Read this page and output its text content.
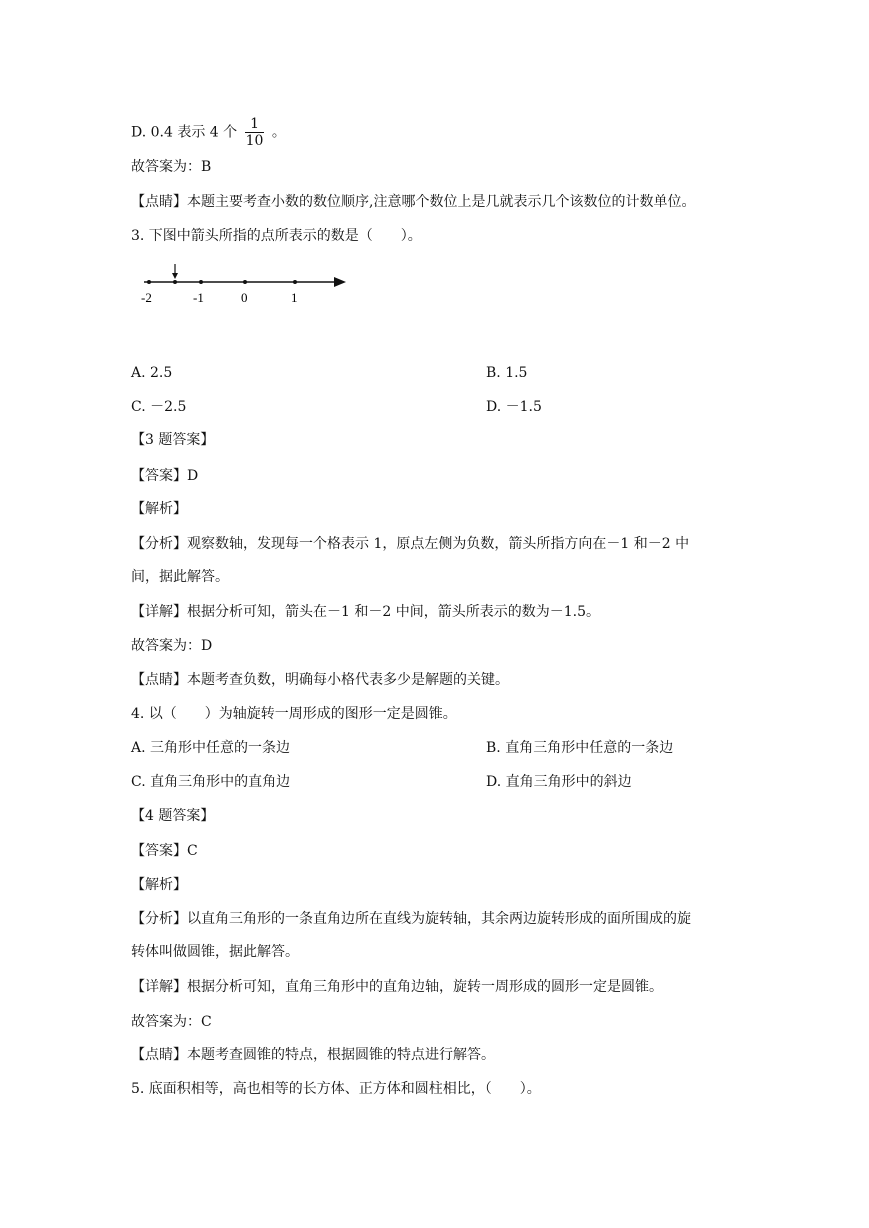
D. 0.4 表示 4 个 $\frac{1}{10}$ 。
故答案为：B
【点睛】本题主要考查小数的数位顺序,注意哪个数位上是几就表示几个该数位的计数单位。
3. 下图中箭头所指的点所表示的数是（　　）。
-2	-1	0	1
A. 2.5	B. 1.5
C. －2.5	D. －1.5
【3 题答案】
【答案】D
【解析】
【分析】观察数轴，发现每一个格表示 1，原点左侧为负数，箭头所指方向在－1 和－2 中
间，据此解答。
【详解】根据分析可知，箭头在－1 和－2 中间，箭头所表示的数为－1.5。
故答案为：D
【点睛】本题考查负数，明确每小格代表多少是解题的关键。
4. 以（　　）为轴旋转一周形成的图形一定是圆锥。
A. 三角形中任意的一条边	B. 直角三角形中任意的一条边
C. 直角三角形中的直角边	D. 直角三角形中的斜边
【4 题答案】
【答案】C
【解析】
【分析】以直角三角形的一条直角边所在直线为旋转轴，其余两边旋转形成的面所围成的旋
转体叫做圆锥，据此解答。
【详解】根据分析可知，直角三角形中的直角边轴，旋转一周形成的圆形一定是圆锥。
故答案为：C
【点睛】本题考查圆锥的特点，根据圆锥的特点进行解答。
5. 底面积相等，高也相等的长方体、正方体和圆柱相比，（　　）。
